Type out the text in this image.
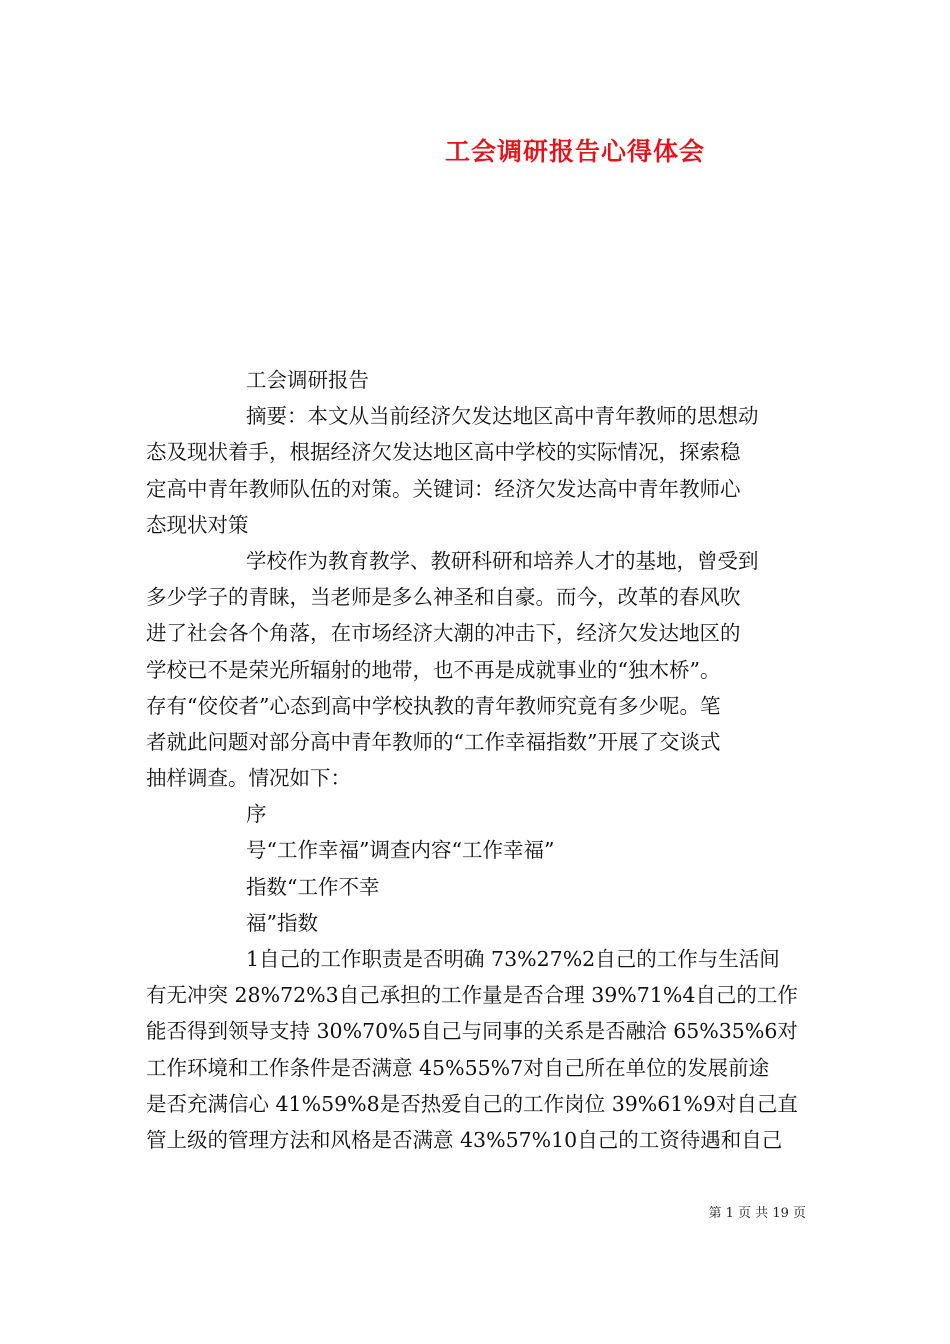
工会调研报告心得体会
工会调研报告
摘要：本文从当前经济欠发达地区高中青年教师的思想动
态及现状着手，根据经济欠发达地区高中学校的实际情况，探索稳
定高中青年教师队伍的对策。关键词：经济欠发达高中青年教师心
态现状对策
学校作为教育教学、教研科研和培养人才的基地，曾受到
多少学子的青睐，当老师是多么神圣和自豪。而今，改革的春风吹
进了社会各个角落，在市场经济大潮的冲击下，经济欠发达地区的
学校已不是荣光所辐射的地带，也不再是成就事业的“独木桥”。
存有“佼佼者”心态到高中学校执教的青年教师究竟有多少呢。笔
者就此问题对部分高中青年教师的“工作幸福指数”开展了交谈式
抽样调查。情况如下：
序
号“工作幸福”调查内容“工作幸福”
指数“工作不幸
福”指数
1自己的工作职责是否明确 73%27%2自己的工作与生活间
有无冲突 28%72%3自己承担的工作量是否合理 39%71%4自己的工作
能否得到领导支持 30%70%5自己与同事的关系是否融洽 65%35%6对
工作环境和工作条件是否满意 45%55%7对自己所在单位的发展前途
是否充满信心 41%59%8是否热爱自己的工作岗位 39%61%9对自己直
管上级的管理方法和风格是否满意 43%57%10自己的工资待遇和自己
第 1 页 共 19 页
